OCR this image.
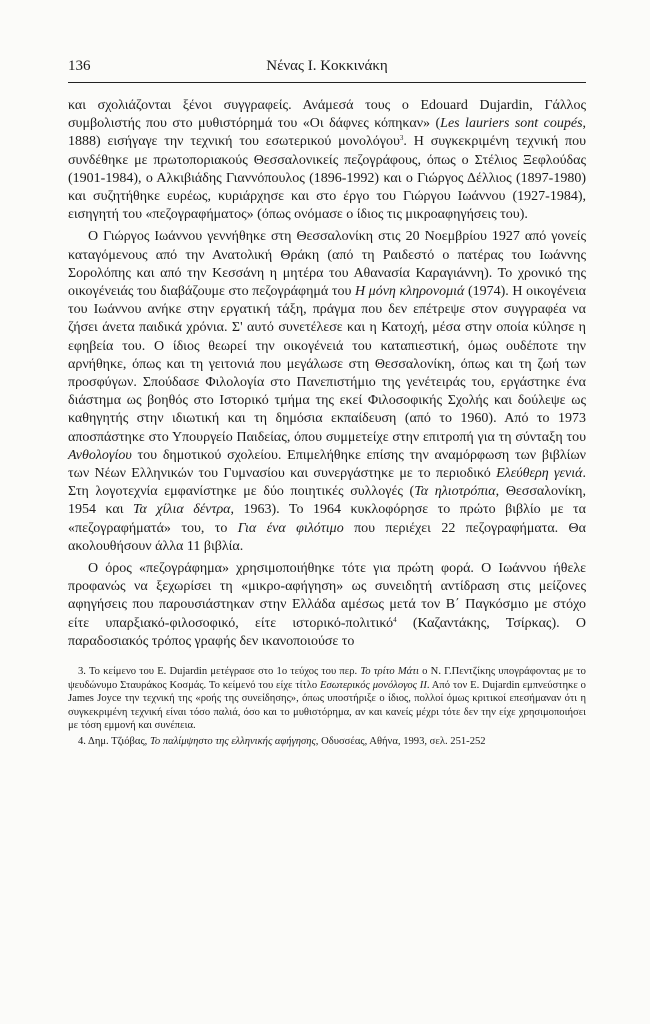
136	Νένας Ι. Κοκκινάκη

και σχολιάζονται ξένοι συγγραφείς. Ανάμεσά τους ο Edouard Dujardin, Γάλλος συμβολιστής που στο μυθιστόρημά του «Οι δάφνες κόπηκαν» (Les lauriers sont coupés, 1888) εισήγαγε την τεχνική του εσωτερικού μονολόγου$^3$. Η συγκεκριμένη τεχνική που συνδέθηκε με πρωτοποριακούς Θεσσαλονικείς πεζογράφους, όπως ο Στέλιος Ξεφλούδας (1901-1984), ο Αλκιβιάδης Γιαννόπουλος (1896-1992) και ο Γιώργος Δέλλιος (1897-1980) και συζητήθηκε ευρέως, κυριάρχησε και στο έργο του Γιώργου Ιωάννου (1927-1984), εισηγητή του «πεζογραφήματος» (όπως ονόμασε ο ίδιος τις μικροαφηγήσεις του).

Ο Γιώργος Ιωάννου γεννήθηκε στη Θεσσαλονίκη στις 20 Νοεμβρίου 1927 από γονείς καταγόμενους από την Ανατολική Θράκη (από τη Ραιδεστό ο πατέρας του Ιωάννης Σορολόπης και από την Κεσσάνη η μητέρα του Αθανασία Καραγιάννη). Το χρονικό της οικογένειάς του διαβάζουμε στο πεζογράφημά του Η μόνη κληρονομιά (1974). Η οικογένεια του Ιωάννου ανήκε στην εργατική τάξη, πράγμα που δεν επέτρεψε στον συγγραφέα να ζήσει άνετα παιδικά χρόνια. Σ' αυτό συνετέλεσε και η Κατοχή, μέσα στην οποία κύλησε η εφηβεία του. Ο ίδιος θεωρεί την οικογένειά του καταπιεστική, όμως ουδέποτε την αρνήθηκε, όπως και τη γειτονιά που μεγάλωσε στη Θεσσαλονίκη, όπως και τη ζωή των προσφύγων. Σπούδασε Φιλολογία στο Πανεπιστήμιο της γενέτειράς του, εργάστηκε ένα διάστημα ως βοηθός στο Ιστορικό τμήμα της εκεί Φιλοσοφικής Σχολής και δούλεψε ως καθηγητής στην ιδιωτική και τη δημόσια εκπαίδευση (από το 1960). Από το 1973 αποσπάστηκε στο Υπουργείο Παιδείας, όπου συμμετείχε στην επιτροπή για τη σύνταξη του Ανθολογίου του δημοτικού σχολείου. Επιμελήθηκε επίσης την αναμόρφωση των βιβλίων των Νέων Ελληνικών του Γυμνασίου και συνεργάστηκε με το περιοδικό Ελεύθερη γενιά. Στη λογοτεχνία εμφανίστηκε με δύο ποιητικές συλλογές (Τα ηλιοτρόπια, Θεσσαλονίκη, 1954 και Τα χίλια δέντρα, 1963). Το 1964 κυκλοφόρησε το πρώτο βιβλίο με τα «πεζογραφήματά» του, το Για ένα φιλότιμο που περιέχει 22 πεζογραφήματα. Θα ακολουθήσουν άλλα 11 βιβλία.

Ο όρος «πεζογράφημα» χρησιμοποιήθηκε τότε για πρώτη φορά. Ο Ιωάννου ήθελε προφανώς να ξεχωρίσει τη «μικρο-αφήγηση» ως συνειδητή αντίδραση στις μείζονες αφηγήσεις που παρουσιάστηκαν στην Ελλάδα αμέσως μετά τον Β΄ Παγκόσμιο με στόχο είτε υπαρξιακό-φιλοσοφικό, είτε ιστορικό-πολιτικό$^4$ (Καζαντάκης, Τσίρκας). Ο παραδοσιακός τρόπος γραφής δεν ικανοποιούσε το

3. Το κείμενο του E. Dujardin μετέγρασε στο 1ο τεύχος του περ. Το τρίτο Μάτι ο Ν. Γ.Πεντζίκης υπογράφοντας με το ψευδώνυμο Σταυράκος Κοσμάς. Το κείμενό του είχε τίτλο Εσωτερικός μονόλογος ΙΙ. Από τον E. Dujardin εμπνεύστηκε ο James Joyce την τεχνική της «ροής της συνείδησης», όπως υποστήριξε ο ίδιος, πολλοί όμως κριτικοί επεσήμαναν ότι η συγκεκριμένη τεχνική είναι τόσο παλιά, όσο και το μυθιστόρημα, αν και κανείς μέχρι τότε δεν την είχε χρησιμοποιήσει με τόση εμμονή και συνέπεια.

4. Δημ. Τζιόβας, Το παλίμψηστο της ελληνικής αφήγησης, Οδυσσέας, Αθήνα, 1993, σελ. 251-252
